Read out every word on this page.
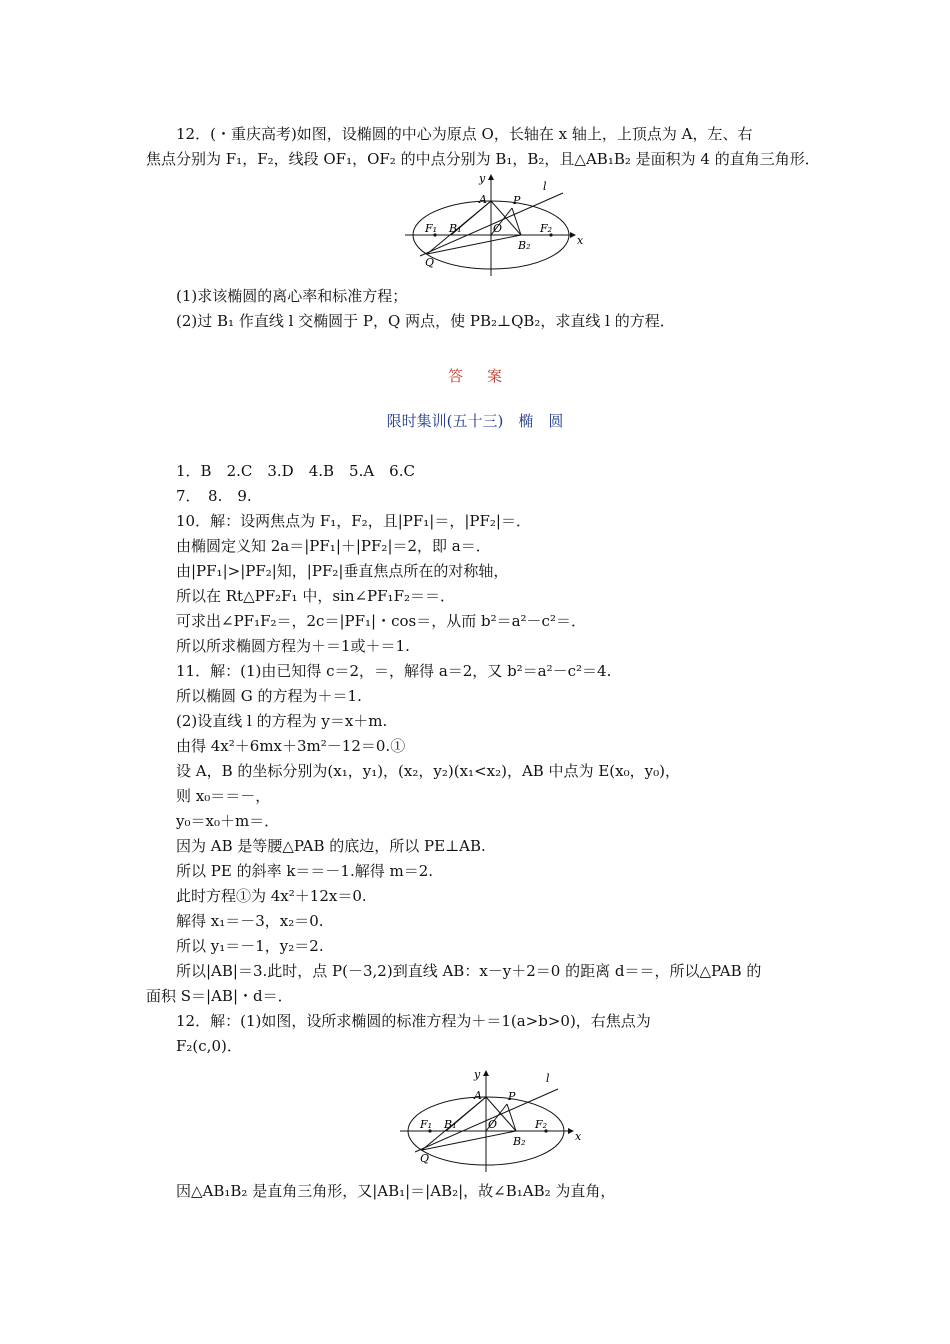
12．(・重庆高考)如图，设椭圆的中心为原点 O，长轴在 x 轴上，上顶点为 A，左、右
焦点分别为 F₁，F₂，线段 OF₁，OF₂ 的中点分别为 B₁，B₂，且△AB₁B₂ 是面积为 4 的直角三角形．
y
x
l
A P
O
F₁ B₁	F₂
B₂
Q
(1)求该椭圆的离心率和标准方程；
(2)过 B₁ 作直线 l 交椭圆于 P，Q 两点，使 PB₂⊥QB₂，求直线 l 的方程．
答案
限时集训(五十三)　椭　圆
1．B　2.C　3.D　4.B　5.A　6.C
7．　8.　9.
10．解：设两焦点为 F₁，F₂，且|PF₁|＝，|PF₂|＝．
由椭圆定义知 2a＝|PF₁|＋|PF₂|＝2，即 a＝．
由|PF₁|>|PF₂|知，|PF₂|垂直焦点所在的对称轴，
所以在 Rt△PF₂F₁ 中，sin∠PF₁F₂＝＝．
可求出∠PF₁F₂＝，2c＝|PF₁|・cos＝，从而 b²＝a²－c²＝．
所以所求椭圆方程为＋＝1或＋＝1.
11．解：(1)由已知得 c＝2，＝，解得 a＝2，又 b²＝a²－c²＝4.
所以椭圆 G 的方程为＋＝1.
(2)设直线 l 的方程为 y＝x＋m.
由得 4x²＋6mx＋3m²－12＝0.①
设 A，B 的坐标分别为(x₁，y₁)，(x₂，y₂)(x₁<x₂)，AB 中点为 E(x₀，y₀)，
则 x₀＝＝－，
y₀＝x₀＋m＝．
因为 AB 是等腰△PAB 的底边，所以 PE⊥AB.
所以 PE 的斜率 k＝＝－1.解得 m＝2.
此时方程①为 4x²＋12x＝0.
解得 x₁＝－3，x₂＝0.
所以 y₁＝－1，y₂＝2.
所以|AB|＝3.此时，点 P(－3,2)到直线 AB：x－y＋2＝0 的距离 d＝＝，所以△PAB 的
面积 S＝|AB|・d＝．
12．解：(1)如图，设所求椭圆的标准方程为＋＝1(a>b>0)，右焦点为
F₂(c,0)．
y
x
l
A P
O
F₁ B₁	F₂
B₂
Q
因△AB₁B₂ 是直角三角形，又|AB₁|＝|AB₂|，故∠B₁AB₂ 为直角，
